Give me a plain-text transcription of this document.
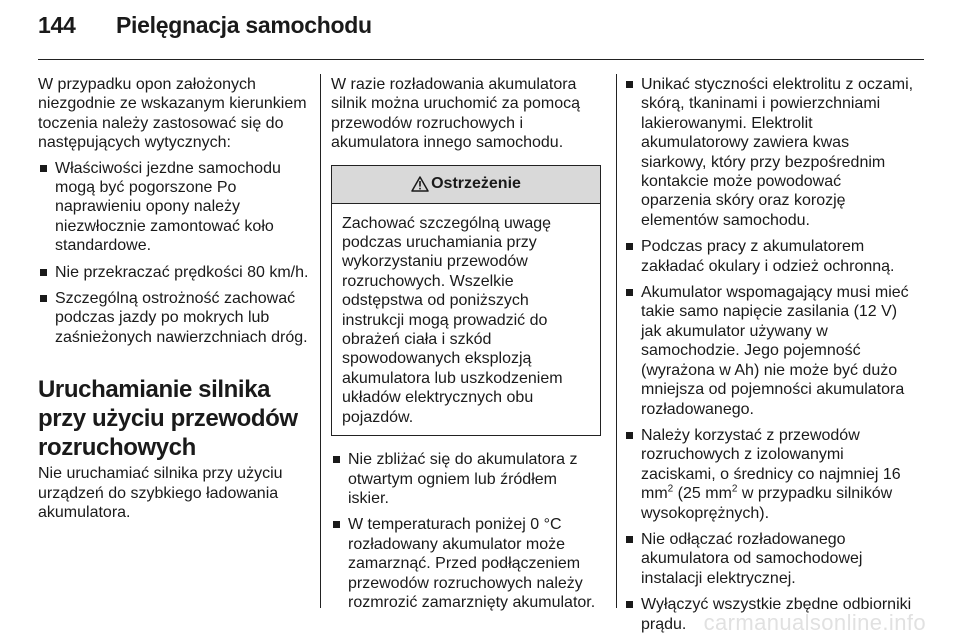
144 Pielęgnacja samochodu

W przypadku opon założonych niezgodnie ze wskazanym kierunkiem toczenia należy zastosować się do następujących wytycznych:

Właściwości jezdne samochodu mogą być pogorszone Po naprawieniu opony należy niezwłocznie zamontować koło standardowe.
Nie przekraczać prędkości 80 km/h.
Szczególną ostrożność zachować podczas jazdy po mokrych lub zaśnieżonych nawierzchniach dróg.
Uruchamianie silnika przy użyciu przewodów rozruchowych

Nie uruchamiać silnika przy użyciu urządzeń do szybkiego ładowania akumulatora.

W razie rozładowania akumulatora silnik można uruchomić za pomocą przewodów rozruchowych i akumulatora innego samochodu.

Ostrzeżenie
Zachować szczególną uwagę podczas uruchamiania przy wykorzystaniu przewodów rozruchowych. Wszelkie odstępstwa od poniższych instrukcji mogą prowadzić do obrażeń ciała i szkód spowodowanych eksplozją akumulatora lub uszkodzeniem układów elektrycznych obu pojazdów.
Nie zbliżać się do akumulatora z otwartym ogniem lub źródłem iskier.
W temperaturach poniżej 0 °C rozładowany akumulator może zamarznąć. Przed podłączeniem przewodów rozruchowych należy rozmrozić zamarznięty akumulator.
Unikać styczności elektrolitu z oczami, skórą, tkaninami i powierzchniami lakierowanymi. Elektrolit akumulatorowy zawiera kwas siarkowy, który przy bezpośrednim kontakcie może powodować oparzenia skóry oraz korozję elementów samochodu.
Podczas pracy z akumulatorem zakładać okulary i odzież ochronną.
Akumulator wspomagający musi mieć takie samo napięcie zasilania (12 V) jak akumulator używany w samochodzie. Jego pojemność (wyrażona w Ah) nie może być dużo mniejsza od pojemności akumulatora rozładowanego.
Należy korzystać z przewodów rozruchowych z izolowanymi zaciskami, o średnicy co najmniej 16 $mm^2$ (25 $mm^2$ w przypadku silników wysokoprężnych).
Nie odłączać rozładowanego akumulatora od samochodowej instalacji elektrycznej.
Wyłączyć wszystkie zbędne odbiorniki prądu. carmanualsonline.info
